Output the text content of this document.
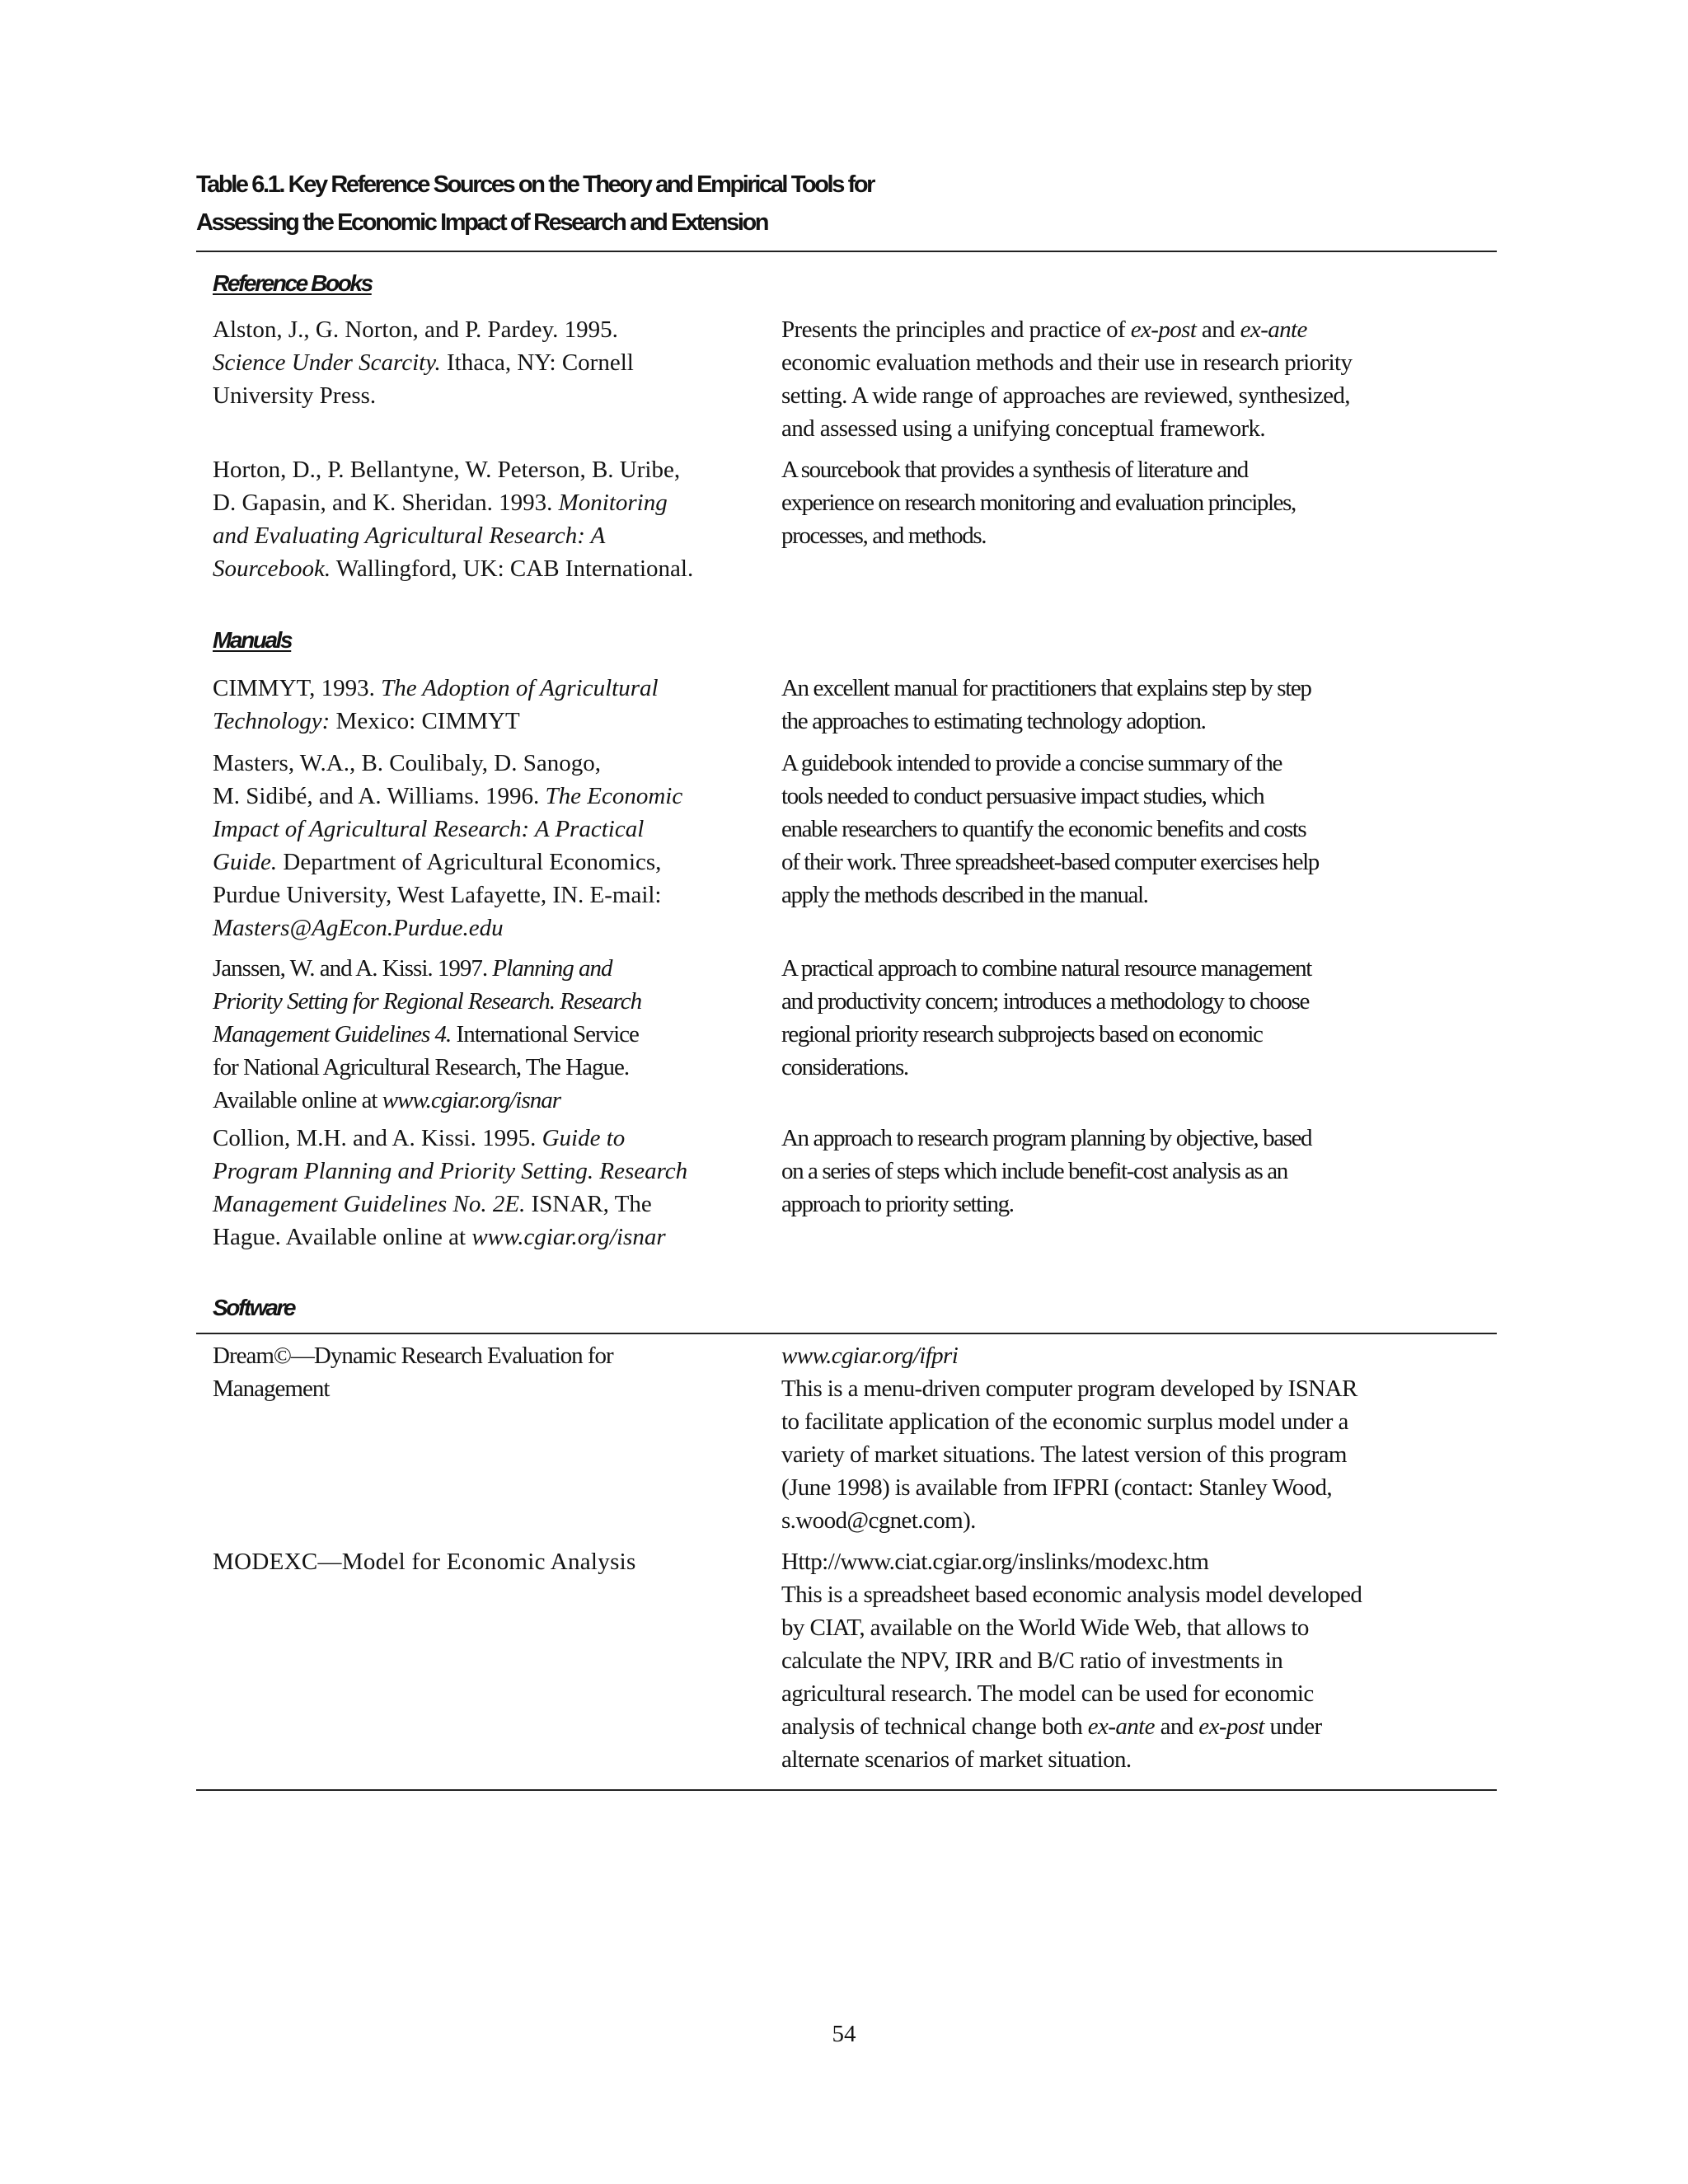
Table 6.1. Key Reference Sources on the Theory and Empirical Tools for
Assessing the Economic Impact of Research and Extension
Reference Books
Alston, J., G. Norton, and P. Pardey. 1995.
Science Under Scarcity. Ithaca, NY: Cornell
University Press.
Presents the principles and practice of ex-post and ex-ante
economic evaluation methods and their use in research priority
setting. A wide range of approaches are reviewed, synthesized,
and assessed using a unifying conceptual framework.
Horton, D., P. Bellantyne, W. Peterson, B. Uribe,
D. Gapasin, and K. Sheridan. 1993. Monitoring
and Evaluating Agricultural Research: A
Sourcebook. Wallingford, UK: CAB International.
A sourcebook that provides a synthesis of literature and
experience on research monitoring and evaluation principles,
processes, and methods.
Manuals
CIMMYT, 1993. The Adoption of Agricultural
Technology: Mexico: CIMMYT
An excellent manual for practitioners that explains step by step
the approaches to estimating technology adoption.
Masters, W.A., B. Coulibaly, D. Sanogo,
M. Sidibé, and A. Williams. 1996. The Economic
Impact of Agricultural Research: A Practical
Guide. Department of Agricultural Economics,
Purdue University, West Lafayette, IN. E-mail:
Masters@AgEcon.Purdue.edu
A guidebook intended to provide a concise summary of the
tools needed to conduct persuasive impact studies, which
enable researchers to quantify the economic benefits and costs
of their work. Three spreadsheet-based computer exercises help
apply the methods described in the manual.
Janssen, W. and A. Kissi. 1997. Planning and
Priority Setting for Regional Research. Research
Management Guidelines 4. International Service
for National Agricultural Research, The Hague.
Available online at www.cgiar.org/isnar
A practical approach to combine natural resource management
and productivity concern; introduces a methodology to choose
regional priority research subprojects based on economic
considerations.
Collion, M.H. and A. Kissi. 1995. Guide to
Program Planning and Priority Setting. Research
Management Guidelines No. 2E. ISNAR, The
Hague. Available online at www.cgiar.org/isnar
An approach to research program planning by objective, based
on a series of steps which include benefit-cost analysis as an
approach to priority setting.
Software
Dream©—Dynamic Research Evaluation for
Management
www.cgiar.org/ifpri
This is a menu-driven computer program developed by ISNAR
to facilitate application of the economic surplus model under a
variety of market situations. The latest version of this program
(June 1998) is available from IFPRI (contact: Stanley Wood,
s.wood@cgnet.com).
MODEXC—Model for Economic Analysis	Http://www.ciat.cgiar.org/inslinks/modexc.htm
This is a spreadsheet based economic analysis model developed
by CIAT, available on the World Wide Web, that allows to
calculate the NPV, IRR and B/C ratio of investments in
agricultural research. The model can be used for economic
analysis of technical change both ex-ante and ex-post under
alternate scenarios of market situation.
54
